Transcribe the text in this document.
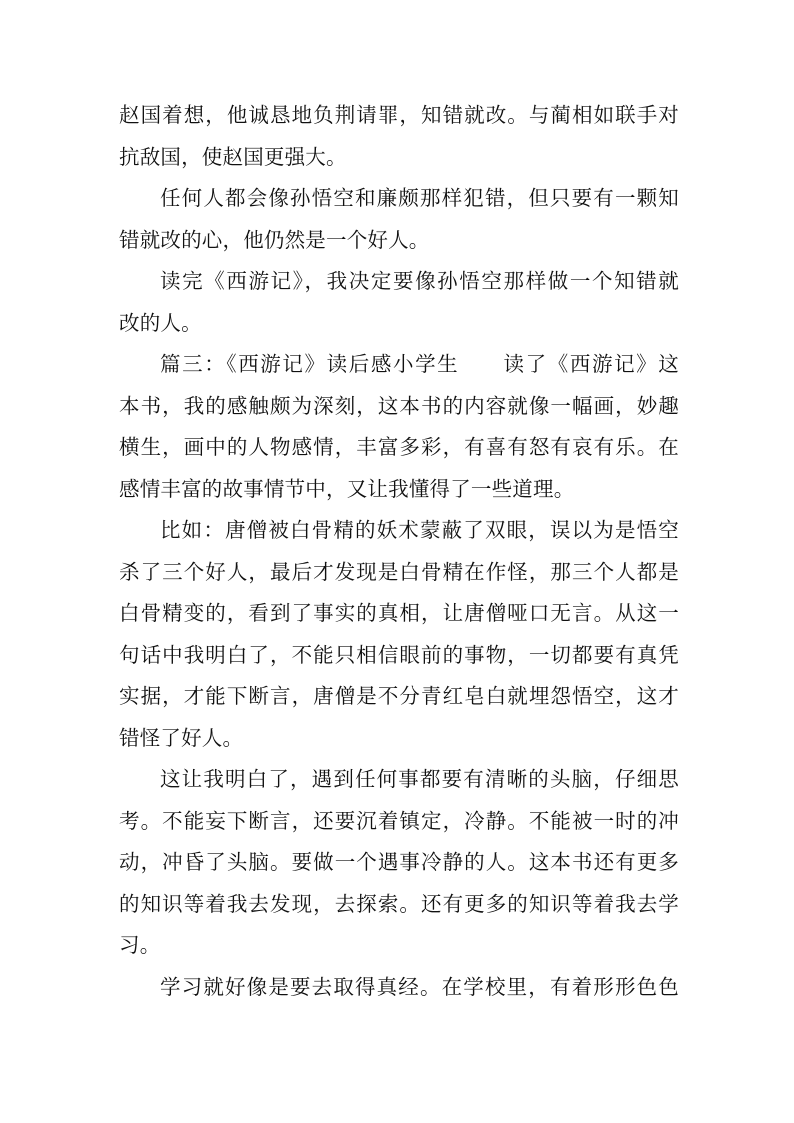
赵国着想，他诚恳地负荆请罪，知错就改。与蔺相如联手对
抗敌国，使赵国更强大。
任何人都会像孙悟空和廉颇那样犯错，但只要有一颗知
错就改的心，他仍然是一个好人。
读完《西游记》，我决定要像孙悟空那样做一个知错就
改的人。
篇三：《西游记》读后感小学生　　读了《西游记》这
本书，我的感触颇为深刻，这本书的内容就像一幅画，妙趣
横生，画中的人物感情，丰富多彩，有喜有怒有哀有乐。在
感情丰富的故事情节中，又让我懂得了一些道理。
比如：唐僧被白骨精的妖术蒙蔽了双眼，误以为是悟空
杀了三个好人，最后才发现是白骨精在作怪，那三个人都是
白骨精变的，看到了事实的真相，让唐僧哑口无言。从这一
句话中我明白了，不能只相信眼前的事物，一切都要有真凭
实据，才能下断言，唐僧是不分青红皂白就埋怨悟空，这才
错怪了好人。
这让我明白了，遇到任何事都要有清晰的头脑，仔细思
考。不能妄下断言，还要沉着镇定，冷静。不能被一时的冲
动，冲昏了头脑。要做一个遇事冷静的人。这本书还有更多
的知识等着我去发现，去探索。还有更多的知识等着我去学
习。
学习就好像是要去取得真经。在学校里，有着形形色色
